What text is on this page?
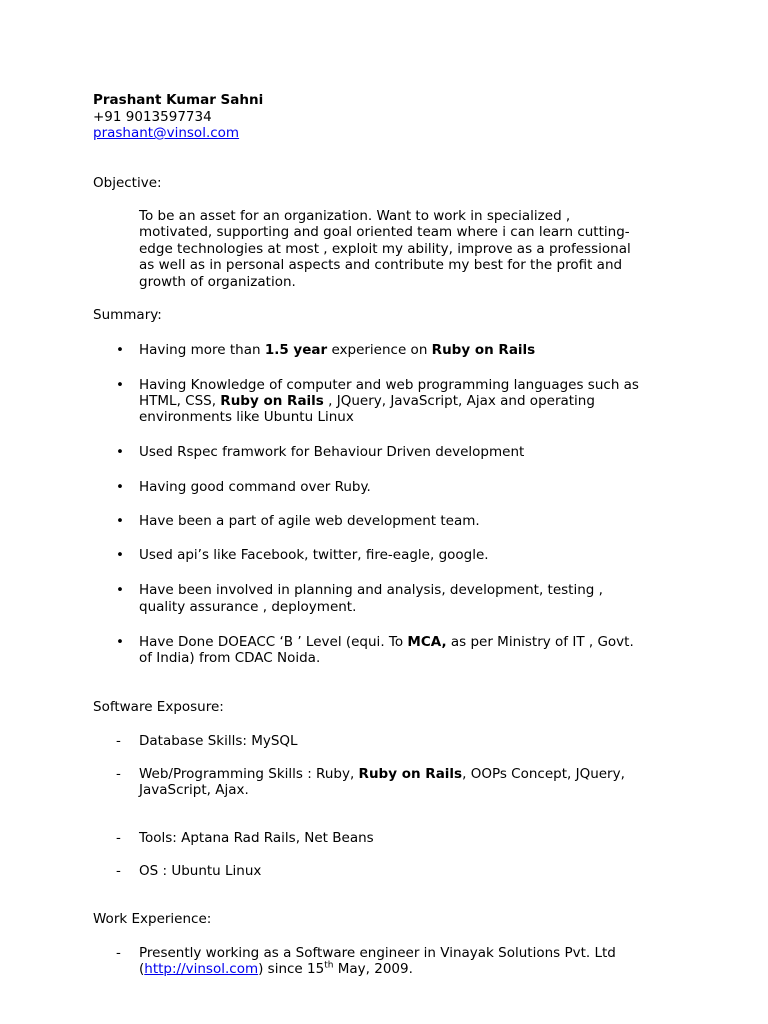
Prashant Kumar Sahni
+91 9013597734
prashant@vinsol.com
Objective:
To be an asset for an organization. Want to work in specialized ,
motivated, supporting and goal oriented team where i can learn cutting-
edge technologies at most , exploit my ability, improve as a professional
as well as in personal aspects and contribute my best for the profit and
growth of organization.
Summary:
• Having more than 1.5 year experience on Ruby on Rails
• Having Knowledge of computer and web programming languages such as
HTML, CSS, Ruby on Rails , JQuery, JavaScript, Ajax and operating
environments like Ubuntu Linux
• Used Rspec framwork for Behaviour Driven development
• Having good command over Ruby.
• Have been a part of agile web development team.
• Used api’s like Facebook, twitter, fire-eagle, google.
• Have been involved in planning and analysis, development, testing ,
quality assurance , deployment.
• Have Done DOEACC ‘B ’ Level (equi. To MCA, as per Ministry of IT , Govt.
of India) from CDAC Noida.
Software Exposure:
- Database Skills: MySQL
- Web/Programming Skills : Ruby, Ruby on Rails, OOPs Concept, JQuery,
JavaScript, Ajax.
- Tools: Aptana Rad Rails, Net Beans
- OS : Ubuntu Linux
Work Experience:
- Presently working as a Software engineer in Vinayak Solutions Pvt. Ltd
(http://vinsol.com) since 15th May, 2009.
